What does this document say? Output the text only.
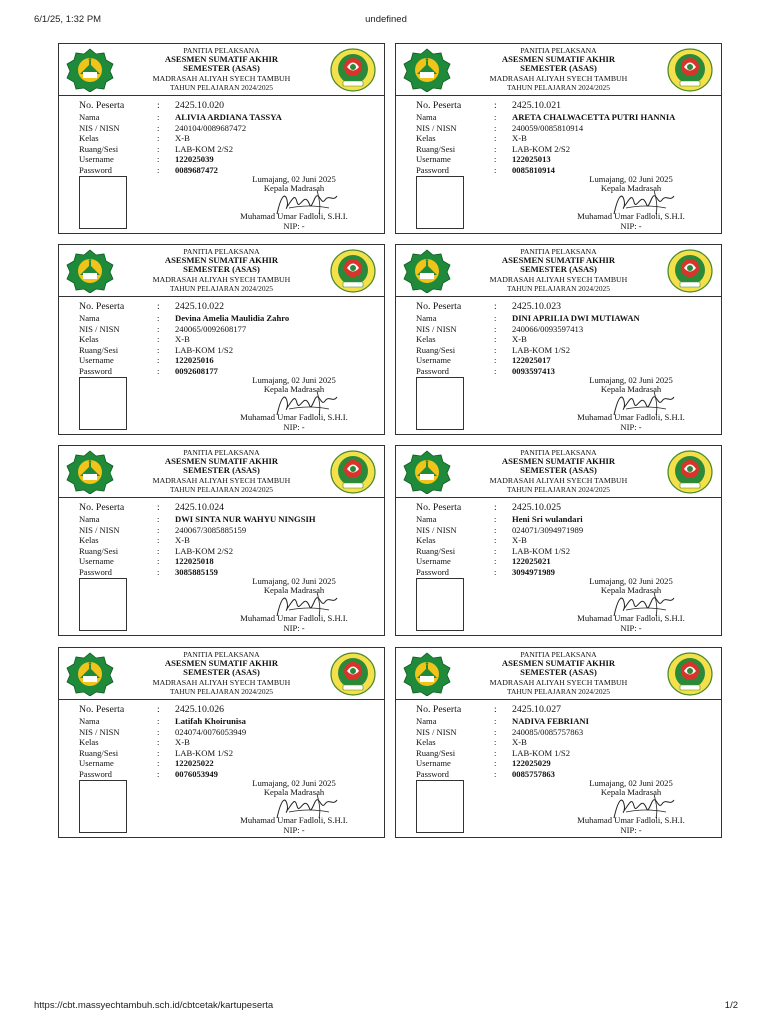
6/1/25, 1:32 PM	undefined
PANITIA PELAKSANA
ASESMEN SUMATIF AKHIR
SEMESTER (ASAS)
MADRASAH ALIYAH SYECH TAMBUH
TAHUN PELAJARAN 2024/2025
No. Peserta	: 2425.10.020
Nama	: ALIVIA ARDIANA TASSYA
NIS / NISN	: 240104/0089687472
Kelas	: X-B
Ruang/Sesi	: LAB-KOM 2/S2
Username	: 122025039
Password	: 0089687472
Lumajang, 02 Juni 2025
Kepala Madrasah
Muhamad Umar Fadloli, S.H.I.
NIP: -
PANITIA PELAKSANA
ASESMEN SUMATIF AKHIR
SEMESTER (ASAS)
MADRASAH ALIYAH SYECH TAMBUH
TAHUN PELAJARAN 2024/2025
No. Peserta	: 2425.10.021
Nama	: ARETA CHALWACETTA PUTRI HANNIA
NIS / NISN	: 240059/0085810914
Kelas	: X-B
Ruang/Sesi	: LAB-KOM 2/S2
Username	: 122025013
Password	: 0085810914
Lumajang, 02 Juni 2025
Kepala Madrasah
Muhamad Umar Fadloli, S.H.I.
NIP: -
PANITIA PELAKSANA
ASESMEN SUMATIF AKHIR
SEMESTER (ASAS)
MADRASAH ALIYAH SYECH TAMBUH
TAHUN PELAJARAN 2024/2025
No. Peserta	: 2425.10.022
Nama	: Devina Amelia Maulidia Zahro
NIS / NISN	: 240065/0092608177
Kelas	: X-B
Ruang/Sesi	: LAB-KOM 1/S2
Username	: 122025016
Password	: 0092608177
Lumajang, 02 Juni 2025
Kepala Madrasah
Muhamad Umar Fadloli, S.H.I.
NIP: -
PANITIA PELAKSANA
ASESMEN SUMATIF AKHIR
SEMESTER (ASAS)
MADRASAH ALIYAH SYECH TAMBUH
TAHUN PELAJARAN 2024/2025
No. Peserta	: 2425.10.023
Nama	: DINI APRILIA DWI MUTIAWAN
NIS / NISN	: 240066/0093597413
Kelas	: X-B
Ruang/Sesi	: LAB-KOM 1/S2
Username	: 122025017
Password	: 0093597413
Lumajang, 02 Juni 2025
Kepala Madrasah
Muhamad Umar Fadloli, S.H.I.
NIP: -
PANITIA PELAKSANA
ASESMEN SUMATIF AKHIR
SEMESTER (ASAS)
MADRASAH ALIYAH SYECH TAMBUH
TAHUN PELAJARAN 2024/2025
No. Peserta	: 2425.10.024
Nama	: DWI SINTA NUR WAHYU NINGSIH
NIS / NISN	: 240067/3085885159
Kelas	: X-B
Ruang/Sesi	: LAB-KOM 2/S2
Username	: 122025018
Password	: 3085885159
Lumajang, 02 Juni 2025
Kepala Madrasah
Muhamad Umar Fadloli, S.H.I.
NIP: -
PANITIA PELAKSANA
ASESMEN SUMATIF AKHIR
SEMESTER (ASAS)
MADRASAH ALIYAH SYECH TAMBUH
TAHUN PELAJARAN 2024/2025
No. Peserta	: 2425.10.025
Nama	: Heni Sri wulandari
NIS / NISN	: 024071/3094971989
Kelas	: X-B
Ruang/Sesi	: LAB-KOM 1/S2
Username	: 122025021
Password	: 3094971989
Lumajang, 02 Juni 2025
Kepala Madrasah
Muhamad Umar Fadloli, S.H.I.
NIP: -
PANITIA PELAKSANA
ASESMEN SUMATIF AKHIR
SEMESTER (ASAS)
MADRASAH ALIYAH SYECH TAMBUH
TAHUN PELAJARAN 2024/2025
No. Peserta	: 2425.10.026
Nama	: Latifah Khoirunisa
NIS / NISN	: 024074/0076053949
Kelas	: X-B
Ruang/Sesi	: LAB-KOM 1/S2
Username	: 122025022
Password	: 0076053949
Lumajang, 02 Juni 2025
Kepala Madrasah
Muhamad Umar Fadloli, S.H.I.
NIP: -
PANITIA PELAKSANA
ASESMEN SUMATIF AKHIR
SEMESTER (ASAS)
MADRASAH ALIYAH SYECH TAMBUH
TAHUN PELAJARAN 2024/2025
No. Peserta	: 2425.10.027
Nama	: NADIVA FEBRIANI
NIS / NISN	: 240085/0085757863
Kelas	: X-B
Ruang/Sesi	: LAB-KOM 1/S2
Username	: 122025029
Password	: 0085757863
Lumajang, 02 Juni 2025
Kepala Madrasah
Muhamad Umar Fadloli, S.H.I.
NIP: -
https://cbt.massyechtambuh.sch.id/cbtcetak/kartupeserta	1/2
